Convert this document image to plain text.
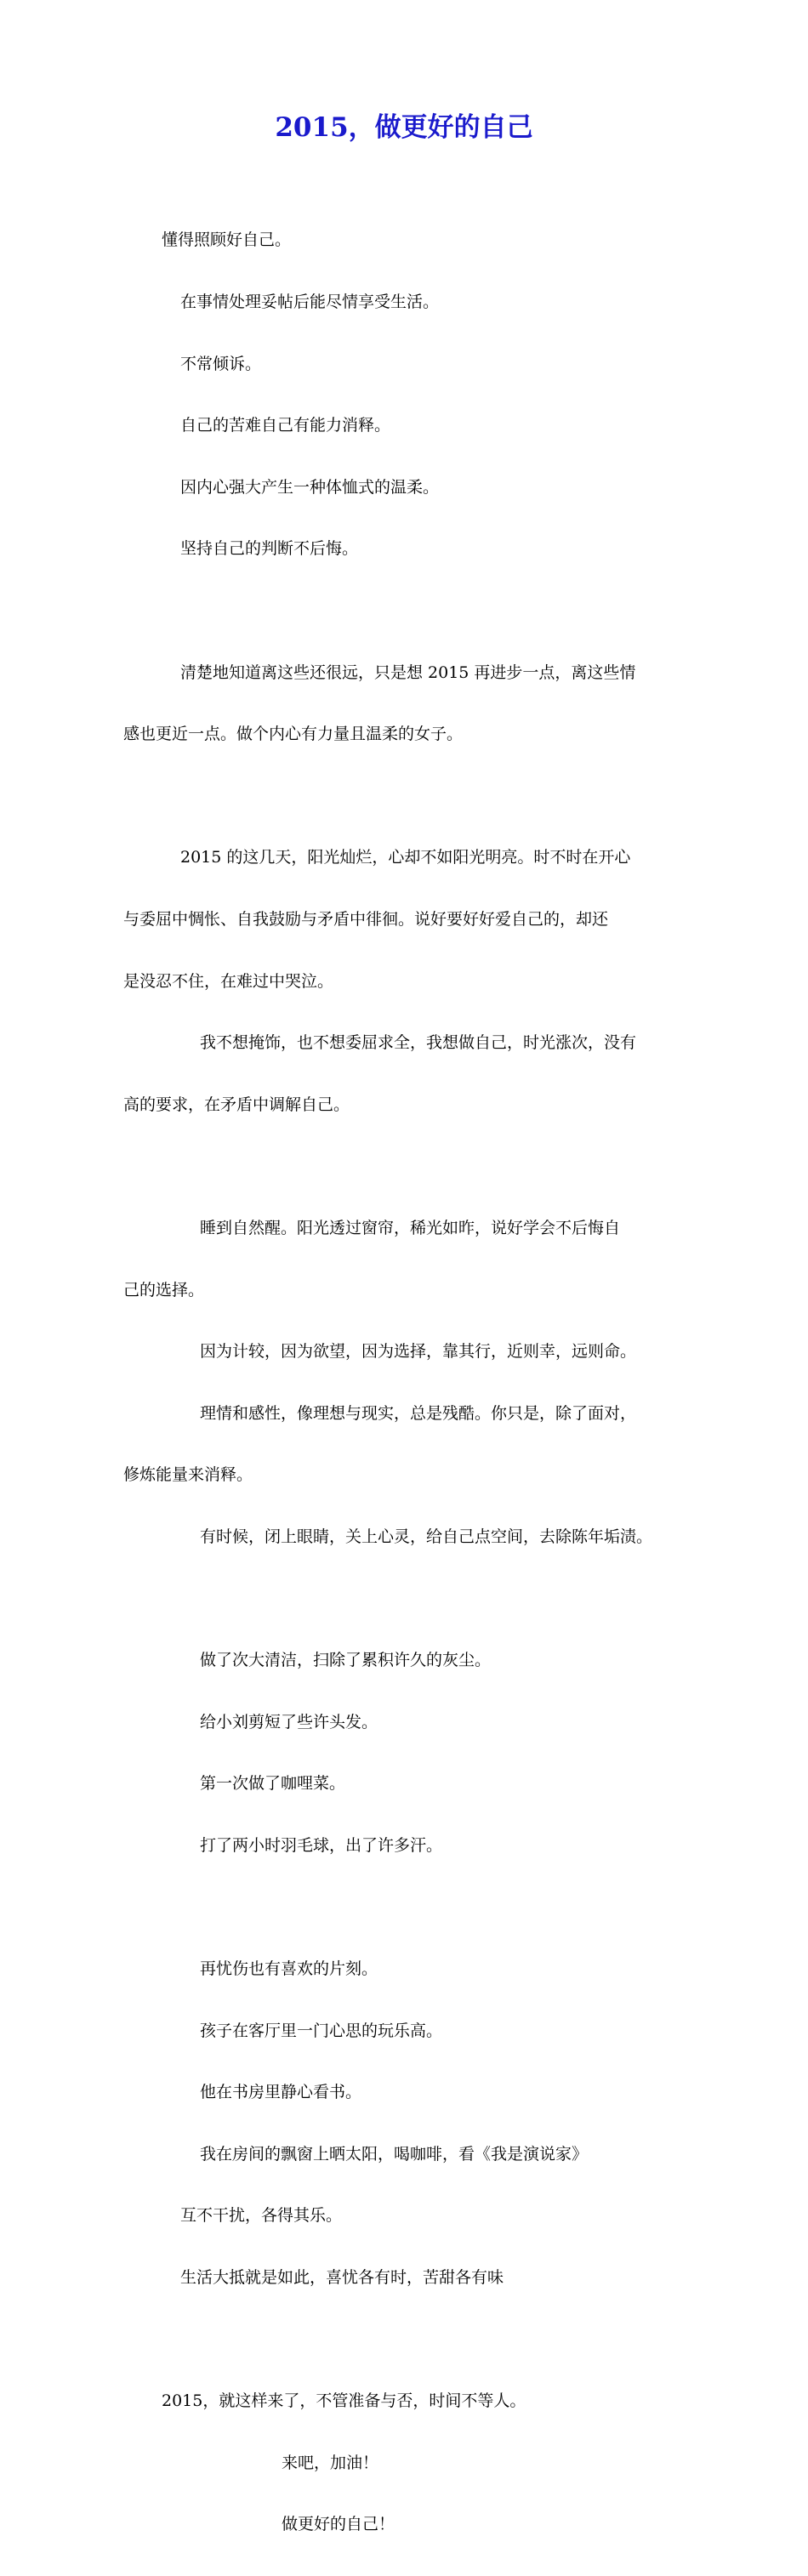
2015，做更好的自己

懂得照顾好自己。

在事情处理妥帖后能尽情享受生活。

不常倾诉。

自己的苦难自己有能力消释。

因内心强大产生一种体恤式的温柔。

坚持自己的判断不后悔。

清楚地知道离这些还很远，只是想 2015 再进步一点，离这些情

感也更近一点。做个内心有力量且温柔的女子。

2015 的这几天，阳光灿烂，心却不如阳光明亮。时不时在开心

与委屈中惆怅、自我鼓励与矛盾中徘徊。说好要好好爱自己的，却还

是没忍不住，在难过中哭泣。

我不想掩饰，也不想委屈求全，我想做自己，时光涨次，没有

高的要求，在矛盾中调解自己。

睡到自然醒。阳光透过窗帘，稀光如昨，说好学会不后悔自

己的选择。

因为计较，因为欲望，因为选择，靠其行，近则幸，远则命。

理情和感性，像理想与现实，总是残酷。你只是，除了面对，

修炼能量来消释。

有时候，闭上眼睛，关上心灵，给自己点空间，去除陈年垢渍。

做了次大清洁，扫除了累积许久的灰尘。

给小刘剪短了些许头发。

第一次做了咖哩菜。

打了两小时羽毛球，出了许多汗。

再忧伤也有喜欢的片刻。

孩子在客厅里一门心思的玩乐高。

他在书房里静心看书。

我在房间的飘窗上晒太阳，喝咖啡，看《我是演说家》

互不干扰，各得其乐。

生活大抵就是如此，喜忧各有时，苦甜各有味

2015，就这样来了，不管准备与否，时间不等人。

来吧，加油！

做更好的自己！
